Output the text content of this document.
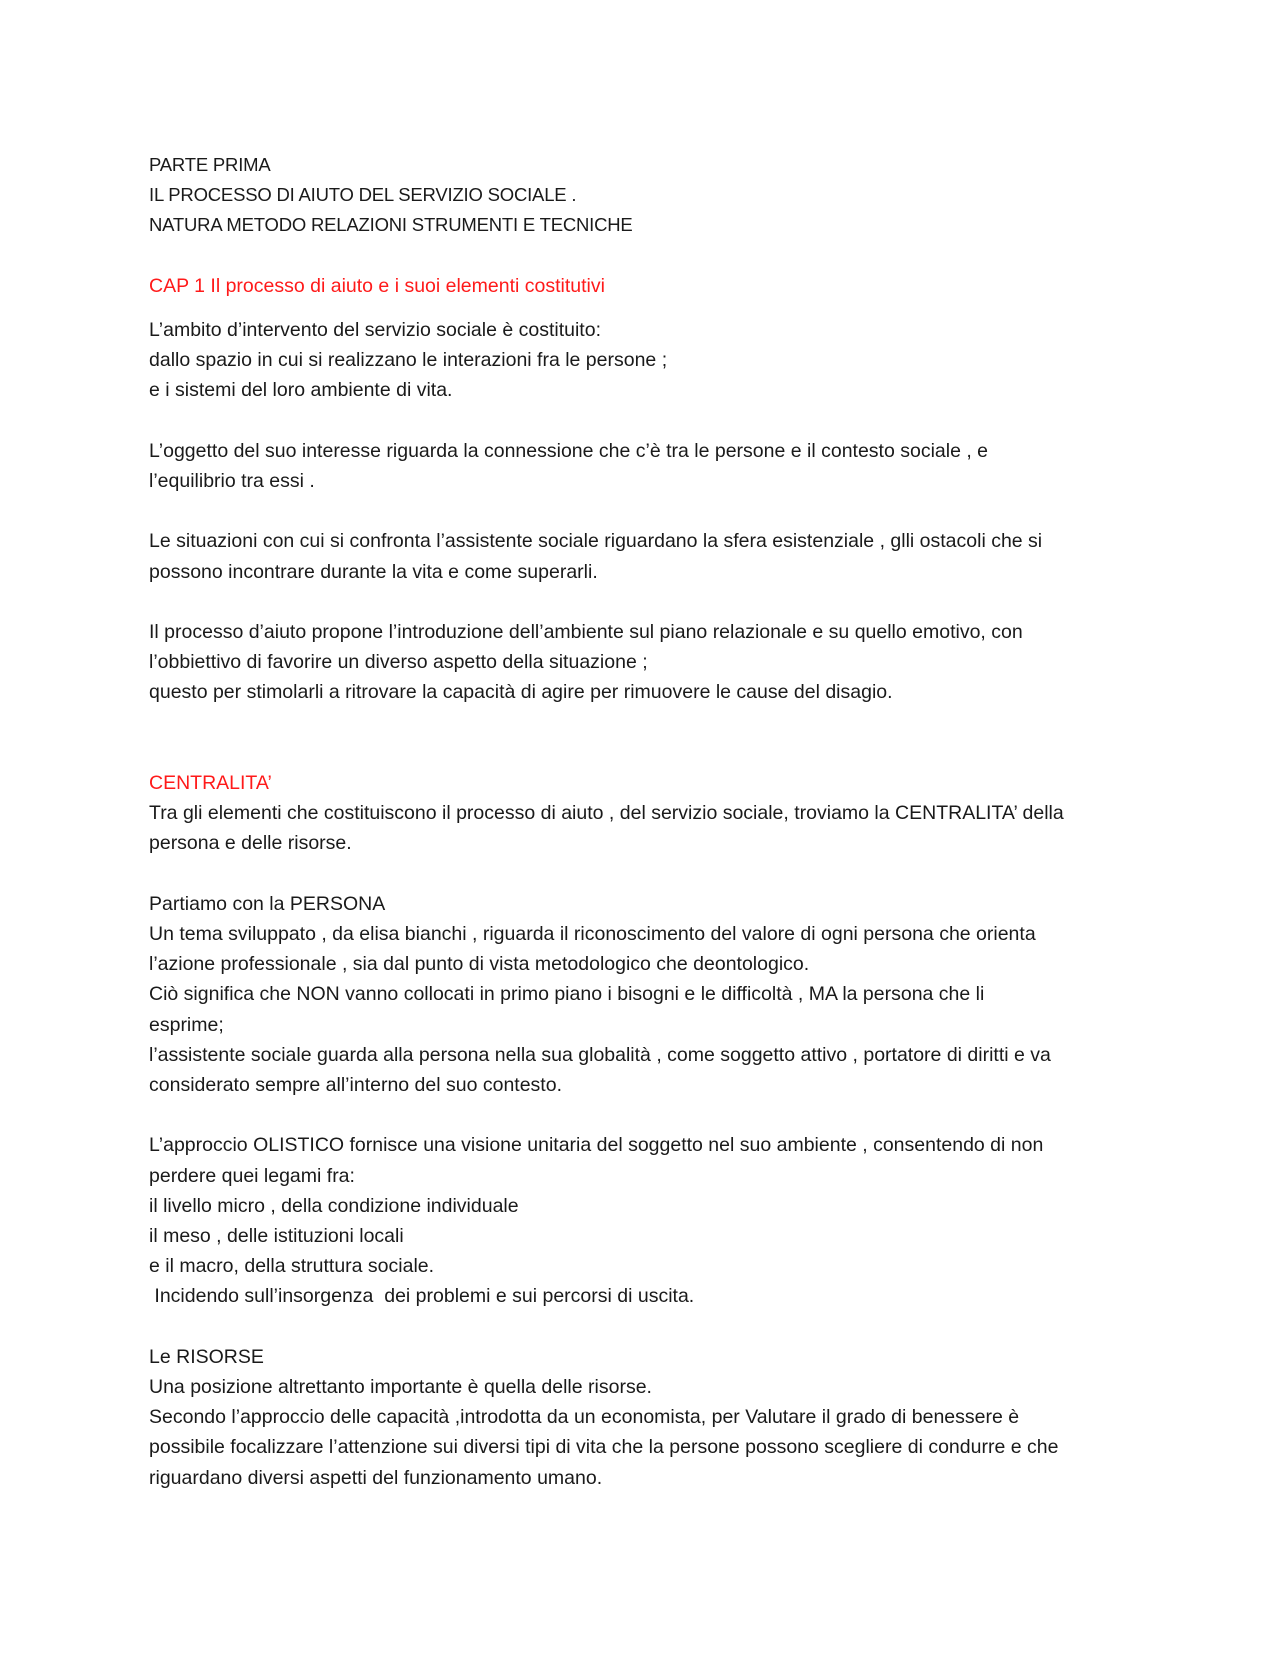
PARTE PRIMA
IL PROCESSO DI AIUTO DEL SERVIZIO SOCIALE .
NATURA METODO RELAZIONI STRUMENTI E TECNICHE
CAP 1 Il processo di aiuto e i suoi elementi costitutivi
L’ambito d’intervento del servizio sociale è costituito:
dallo spazio in cui si realizzano le interazioni fra le persone ;
e i sistemi del loro ambiente di vita.
L’oggetto del suo interesse riguarda la connessione che c’è tra le persone e il contesto sociale , e
l’equilibrio tra essi .
Le situazioni con cui si confronta l’assistente sociale riguardano la sfera esistenziale , glli ostacoli che si
possono incontrare durante la vita e come superarli.
Il processo d’aiuto propone l’introduzione dell’ambiente sul piano relazionale e su quello emotivo, con
l’obbiettivo di favorire un diverso aspetto della situazione ;
questo per stimolarli a ritrovare la capacità di agire per rimuovere le cause del disagio.
CENTRALITA’
Tra gli elementi che costituiscono il processo di aiuto , del servizio sociale, troviamo la CENTRALITA’ della
persona e delle risorse.
Partiamo con la PERSONA
Un tema sviluppato , da elisa bianchi , riguarda il riconoscimento del valore di ogni persona che orienta
l’azione professionale , sia dal punto di vista metodologico che deontologico.
Ciò significa che NON vanno collocati in primo piano i bisogni e le difficoltà , MA la persona che li
esprime;
l’assistente sociale guarda alla persona nella sua globalità , come soggetto attivo , portatore di diritti e va
considerato sempre all’interno del suo contesto.
L’approccio OLISTICO fornisce una visione unitaria del soggetto nel suo ambiente , consentendo di non
perdere quei legami fra:
il livello micro , della condizione individuale
il meso , delle istituzioni locali
e il macro, della struttura sociale.
Incidendo sull’insorgenza  dei problemi e sui percorsi di uscita.
Le RISORSE
Una posizione altrettanto importante è quella delle risorse.
Secondo l’approccio delle capacità ,introdotta da un economista, per Valutare il grado di benessere è
possibile focalizzare l’attenzione sui diversi tipi di vita che la persone possono scegliere di condurre e che
riguardano diversi aspetti del funzionamento umano.
